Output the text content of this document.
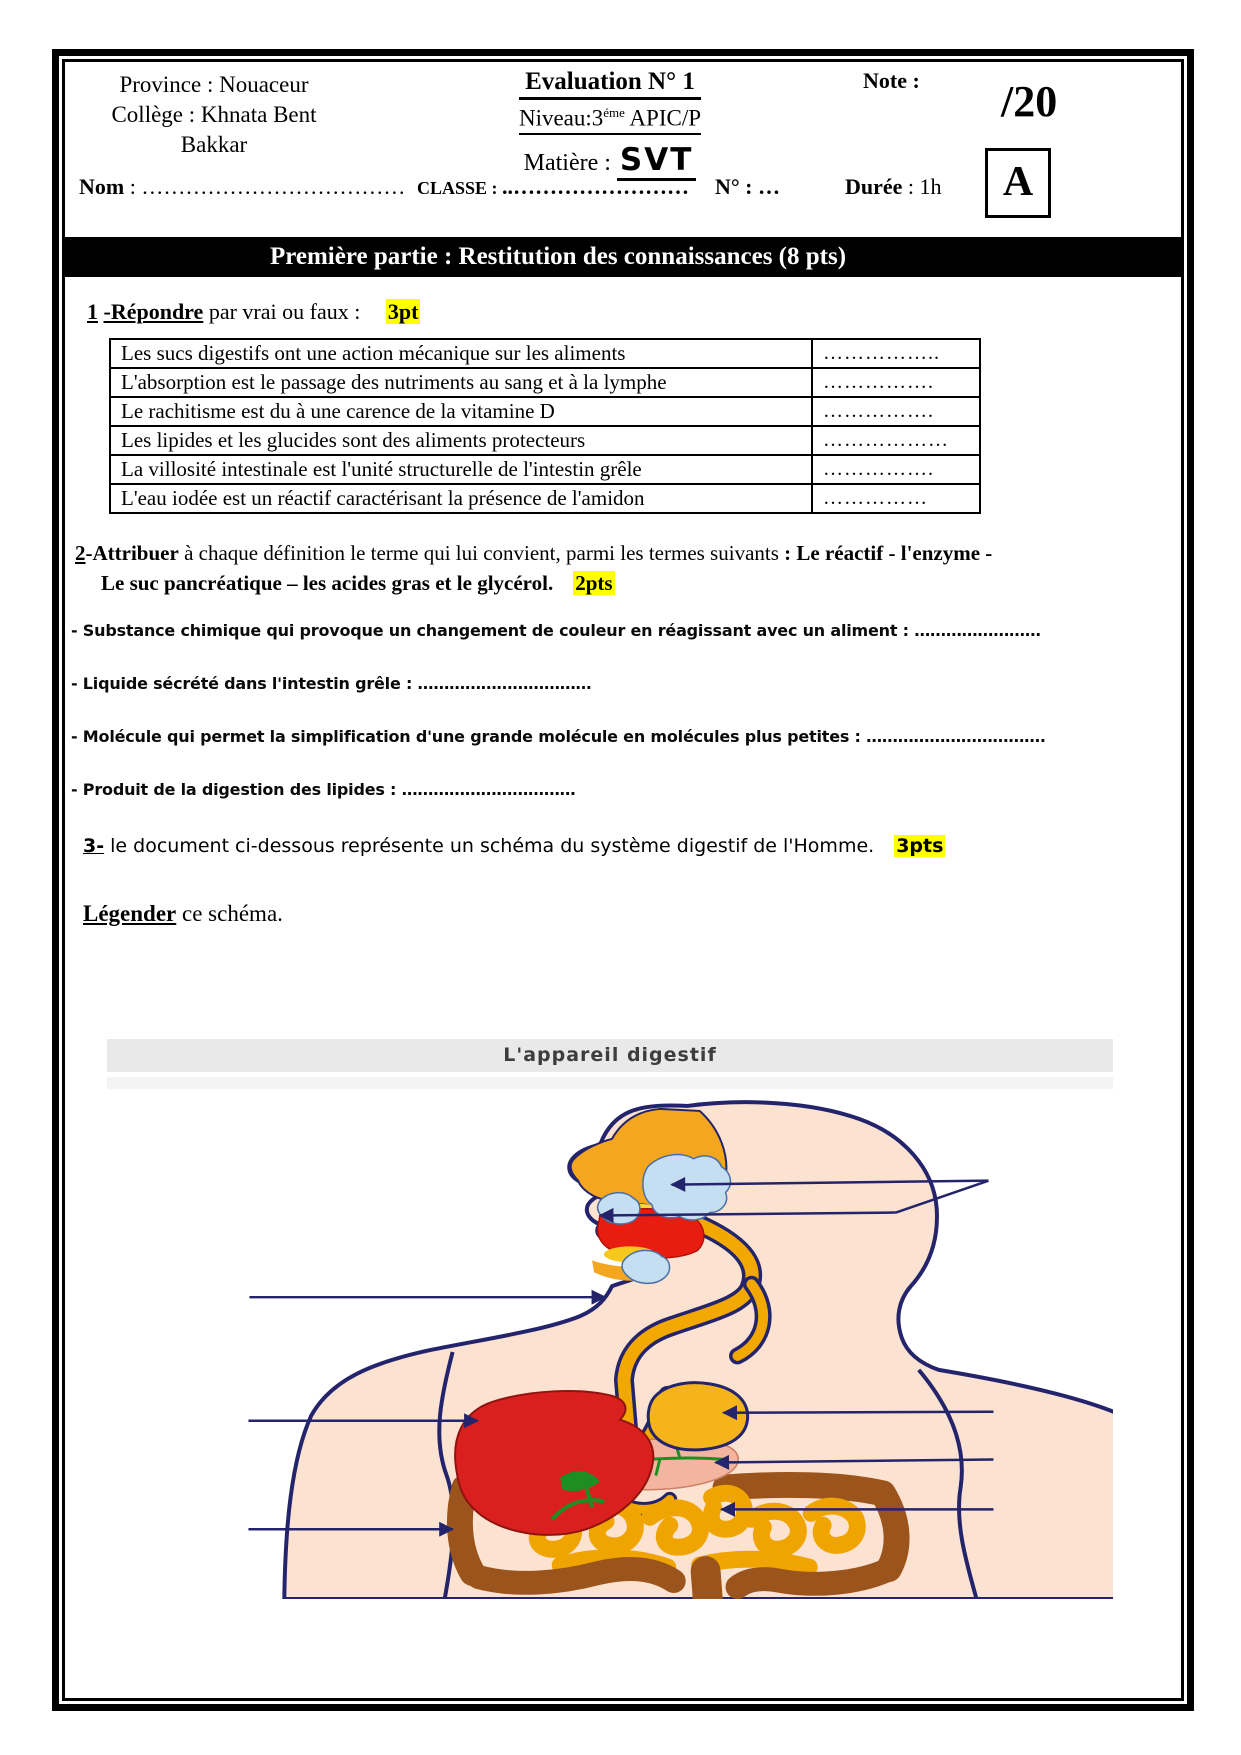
Province : Nouaceur
Collège : Khnata Bent
Bakkar
Evaluation N° 1
$Niveau:3^{éme}$ APIC/P
Matière : SVT
Note : /20
A
Nom : ……………………………… CLASSE : ..…………………… N° : …	Durée : 1h
Première partie : Restitution des connaissances (8 pts)
1 -Répondre par vrai ou faux : 3pt
Les sucs digestifs ont une action mécanique sur les aliments	……………..
L'absorption est le passage des nutriments au sang et à la lymphe	…………….
Le rachitisme est du à une carence de la vitamine D	…………….
Les lipides et les glucides sont des aliments protecteurs	………………
La villosité intestinale est l'unité structurelle de l'intestin grêle	…………….
L'eau iodée est un réactif caractérisant la présence de l'amidon	……………
2-Attribuer à chaque définition le terme qui lui convient, parmi les termes suivants : Le réactif - l'enzyme -
Le suc pancréatique – les acides gras et le glycérol. 2pts
- Substance chimique qui provoque un changement de couleur en réagissant avec un aliment : ……………………
- Liquide sécrété dans l'intestin grêle : ……………………………
- Molécule qui permet la simplification d'une grande molécule en molécules plus petites : …………………………….
- Produit de la digestion des lipides : ……………………………
3- le document ci-dessous représente un schéma du système digestif de l'Homme. 3pts
Légender ce schéma.
L'appareil digestif
